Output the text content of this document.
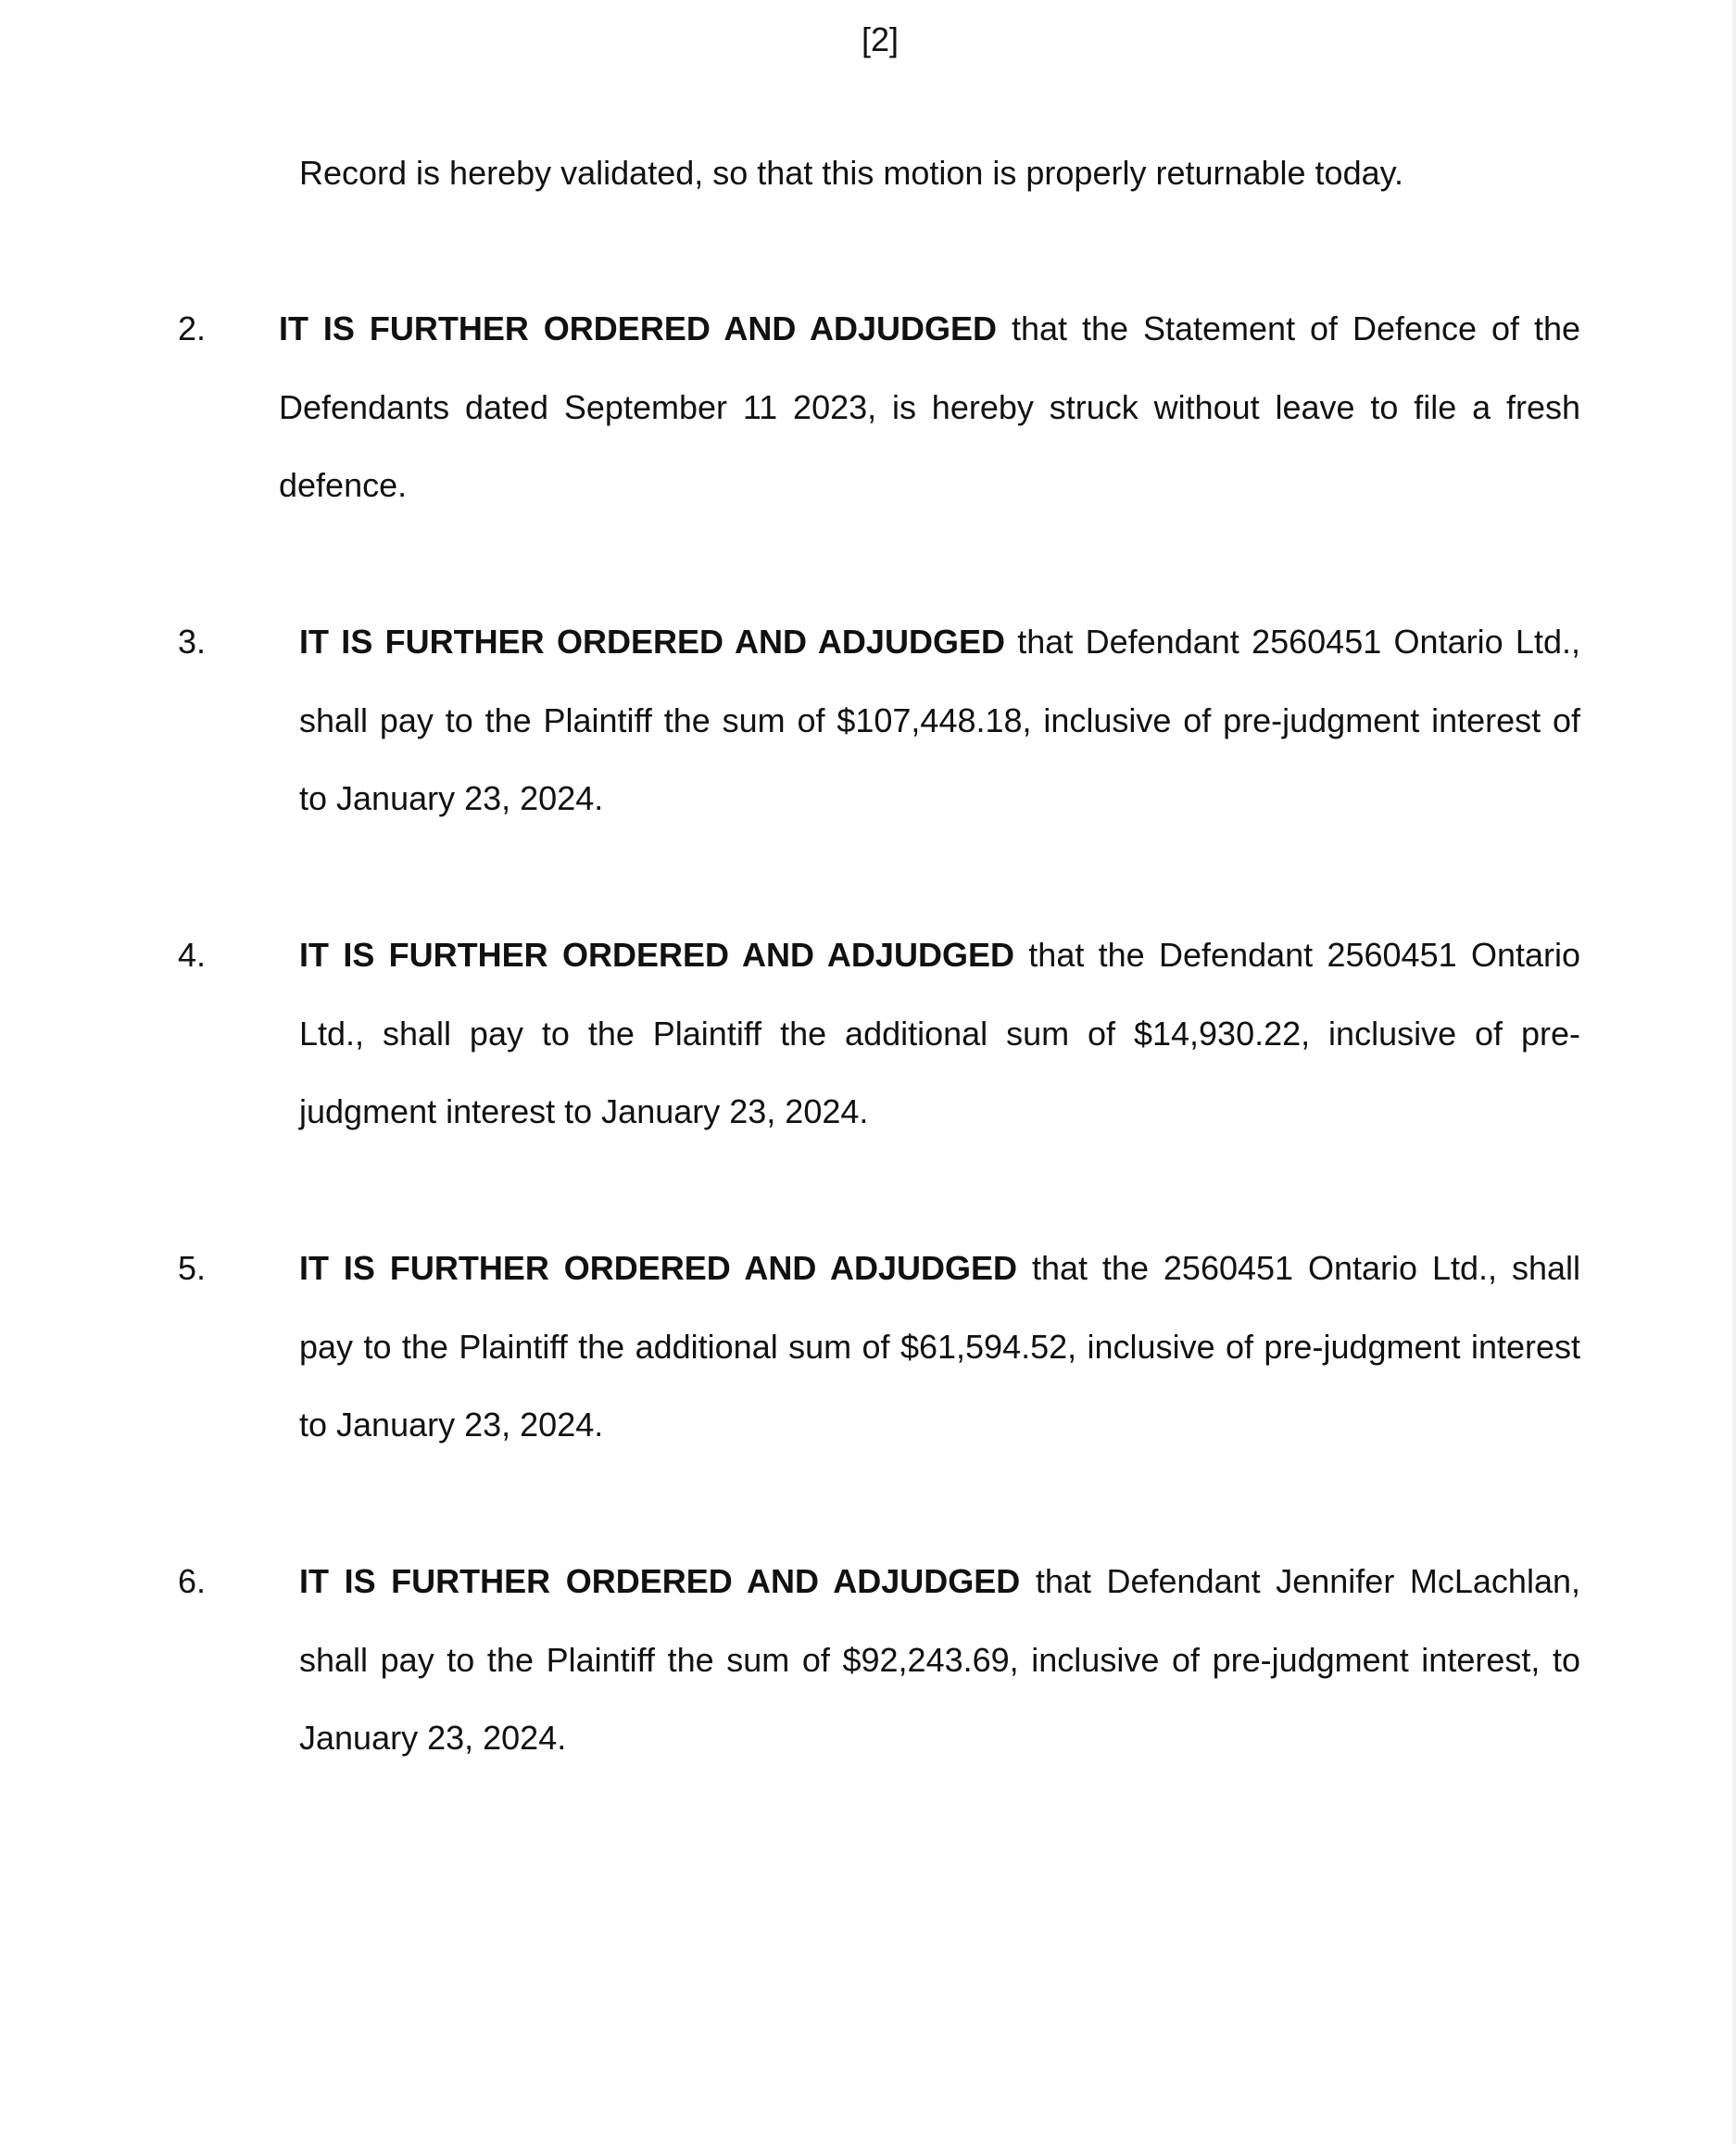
[2]
Record is hereby validated, so that this motion is properly returnable today.
2. IT IS FURTHER ORDERED AND ADJUDGED that the Statement of Defence of the Defendants dated September 11 2023, is hereby struck without leave to file a fresh defence.
3.	IT IS FURTHER ORDERED AND ADJUDGED that Defendant 2560451 Ontario Ltd., shall pay to the Plaintiff the sum of $107,448.18, inclusive of pre-judgment interest of to January 23, 2024.
4.	IT IS FURTHER ORDERED AND ADJUDGED that the Defendant 2560451 Ontario Ltd., shall pay to the Plaintiff the additional sum of $14,930.22, inclusive of pre-judgment interest to January 23, 2024.
5.	IT IS FURTHER ORDERED AND ADJUDGED that the 2560451 Ontario Ltd., shall pay to the Plaintiff the additional sum of $61,594.52, inclusive of pre-judgment interest to January 23, 2024.
6.	IT IS FURTHER ORDERED AND ADJUDGED that Defendant Jennifer McLachlan, shall pay to the Plaintiff the sum of $92,243.69, inclusive of pre-judgment interest, to January 23, 2024.
